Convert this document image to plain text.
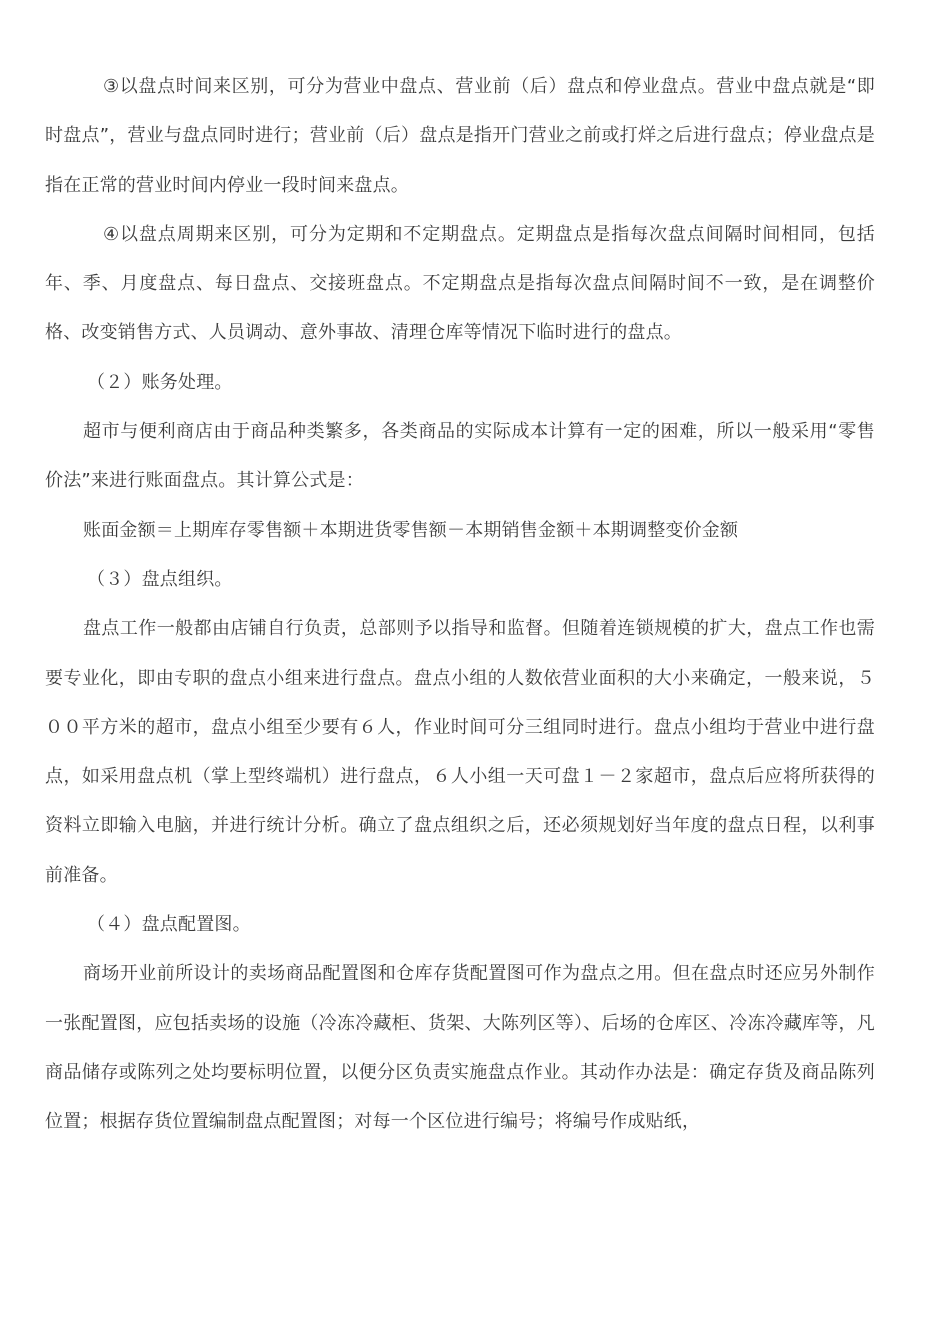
③以盘点时间来区别，可分为营业中盘点、营业前（后）盘点和停业盘点。营业中盘点就是“即时盘点”，营业与盘点同时进行；营业前（后）盘点是指开门营业之前或打烊之后进行盘点；停业盘点是指在正常的营业时间内停业一段时间来盘点。

④以盘点周期来区别，可分为定期和不定期盘点。定期盘点是指每次盘点间隔时间相同，包括年、季、月度盘点、每日盘点、交接班盘点。不定期盘点是指每次盘点间隔时间不一致，是在调整价格、改变销售方式、人员调动、意外事故、清理仓库等情况下临时进行的盘点。

（２）账务处理。

超市与便利商店由于商品种类繁多，各类商品的实际成本计算有一定的困难，所以一般采用“零售价法”来进行账面盘点。其计算公式是：

账面金额＝上期库存零售额＋本期进货零售额－本期销售金额＋本期调整变价金额

（３）盘点组织。

盘点工作一般都由店铺自行负责，总部则予以指导和监督。但随着连锁规模的扩大，盘点工作也需要专业化，即由专职的盘点小组来进行盘点。盘点小组的人数依营业面积的大小来确定，一般来说，５００平方米的超市，盘点小组至少要有６人，作业时间可分三组同时进行。盘点小组均于营业中进行盘点，如采用盘点机（掌上型终端机）进行盘点，６人小组一天可盘１－２家超市，盘点后应将所获得的资料立即输入电脑，并进行统计分析。确立了盘点组织之后，还必须规划好当年度的盘点日程，以利事前准备。

（４）盘点配置图。

商场开业前所设计的卖场商品配置图和仓库存货配置图可作为盘点之用。但在盘点时还应另外制作一张配置图，应包括卖场的设施（冷冻冷藏柜、货架、大陈列区等）、后场的仓库区、冷冻冷藏库等，凡商品储存或陈列之处均要标明位置，以便分区负责实施盘点作业。其动作办法是：确定存货及商品陈列位置；根据存货位置编制盘点配置图；对每一个区位进行编号；将编号作成贴纸，
